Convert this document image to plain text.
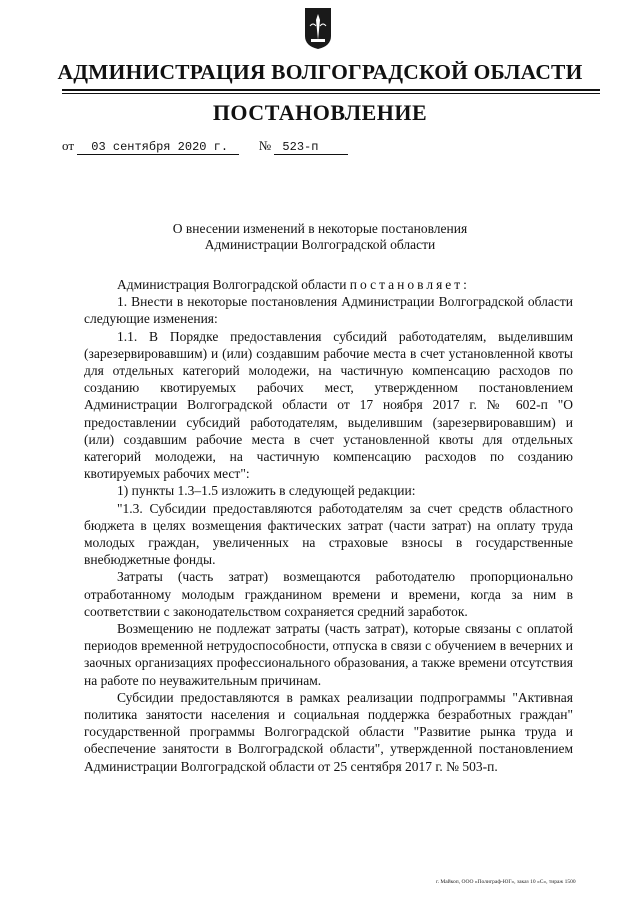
АДМИНИСТРАЦИЯ ВОЛГОГРАДСКОЙ ОБЛАСТИ
ПОСТАНОВЛЕНИЕ
от 03 сентября 2020 г. № 523-п
О внесении изменений в некоторые постановления
Администрации Волгоградской области

Администрация Волгоградской области постановляет:

1. Внести в некоторые постановления Администрации Волгоградской области следующие изменения:

1.1. В Порядке предоставления субсидий работодателям, выделившим (зарезервировавшим) и (или) создавшим рабочие места в счет установленной квоты для отдельных категорий молодежи, на частичную компенсацию расходов по созданию квотируемых рабочих мест, утвержденном постановлением Администрации Волгоградской области от 17 ноября 2017 г. № 602-п "О предоставлении субсидий работодателям, выделившим (зарезервировавшим) и (или) создавшим рабочие места в счет установленной квоты для отдельных категорий молодежи, на частичную компенсацию расходов по созданию квотируемых рабочих мест":

1) пункты 1.3–1.5 изложить в следующей редакции:

"1.3. Субсидии предоставляются работодателям за счет средств областного бюджета в целях возмещения фактических затрат (части затрат) на оплату труда молодых граждан, увеличенных на страховые взносы в государственные внебюджетные фонды.

Затраты (часть затрат) возмещаются работодателю пропорционально отработанному молодым гражданином времени и времени, когда за ним в соответствии с законодательством сохраняется средний заработок.

Возмещению не подлежат затраты (часть затрат), которые связаны с оплатой периодов временной нетрудоспособности, отпуска в связи с обучением в вечерних и заочных организациях профессионального образования, а также времени отсутствия на работе по неуважительным причинам.

Субсидии предоставляются в рамках реализации подпрограммы "Активная политика занятости населения и социальная поддержка безработных граждан" государственной программы Волгоградской области "Развитие рынка труда и обеспечение занятости в Волгоградской области", утвержденной постановлением Администрации Волгоградской области от 25 сентября 2017 г. № 503-п.

г. Майкоп, ООО «Полиграф-ЮГ», заказ 10 «С», тираж 1500
